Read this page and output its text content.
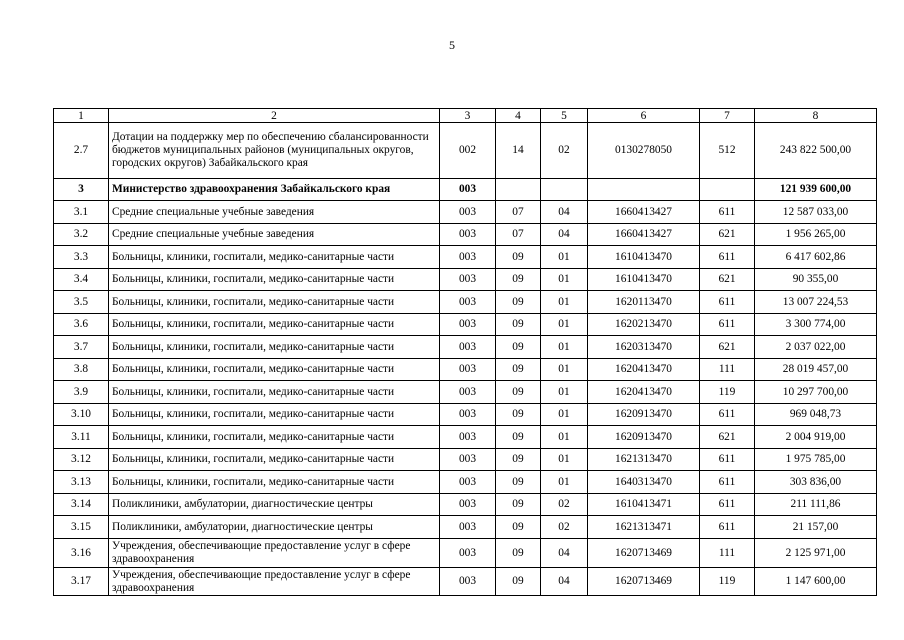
5
1	2	3	4	5	6	7	8
2.7	Дотации на поддержку мер по обеспечению сбалансированности бюджетов муниципальных районов (муниципальных округов, городских округов) Забайкальского края	002	14	02	0130278050	512	243 822 500,00
3	Министерство здравоохранения Забайкальского края	003					121 939 600,00
3.1	Средние специальные учебные заведения	003	07	04	1660413427	611	12 587 033,00
3.2	Средние специальные учебные заведения	003	07	04	1660413427	621	1 956 265,00
3.3	Больницы, клиники, госпитали, медико-санитарные части	003	09	01	1610413470	611	6 417 602,86
3.4	Больницы, клиники, госпитали, медико-санитарные части	003	09	01	1610413470	621	90 355,00
3.5	Больницы, клиники, госпитали, медико-санитарные части	003	09	01	1620113470	611	13 007 224,53
3.6	Больницы, клиники, госпитали, медико-санитарные части	003	09	01	1620213470	611	3 300 774,00
3.7	Больницы, клиники, госпитали, медико-санитарные части	003	09	01	1620313470	621	2 037 022,00
3.8	Больницы, клиники, госпитали, медико-санитарные части	003	09	01	1620413470	111	28 019 457,00
3.9	Больницы, клиники, госпитали, медико-санитарные части	003	09	01	1620413470	119	10 297 700,00
3.10	Больницы, клиники, госпитали, медико-санитарные части	003	09	01	1620913470	611	969 048,73
3.11	Больницы, клиники, госпитали, медико-санитарные части	003	09	01	1620913470	621	2 004 919,00
3.12	Больницы, клиники, госпитали, медико-санитарные части	003	09	01	1621313470	611	1 975 785,00
3.13	Больницы, клиники, госпитали, медико-санитарные части	003	09	01	1640313470	611	303 836,00
3.14	Поликлиники, амбулатории, диагностические центры	003	09	02	1610413471	611	211 111,86
3.15	Поликлиники, амбулатории, диагностические центры	003	09	02	1621313471	611	21 157,00
3.16	Учреждения, обеспечивающие предоставление услуг в сфере здравоохранения	003	09	04	1620713469	111	2 125 971,00
3.17	Учреждения, обеспечивающие предоставление услуг в сфере здравоохранения	003	09	04	1620713469	119	1 147 600,00
